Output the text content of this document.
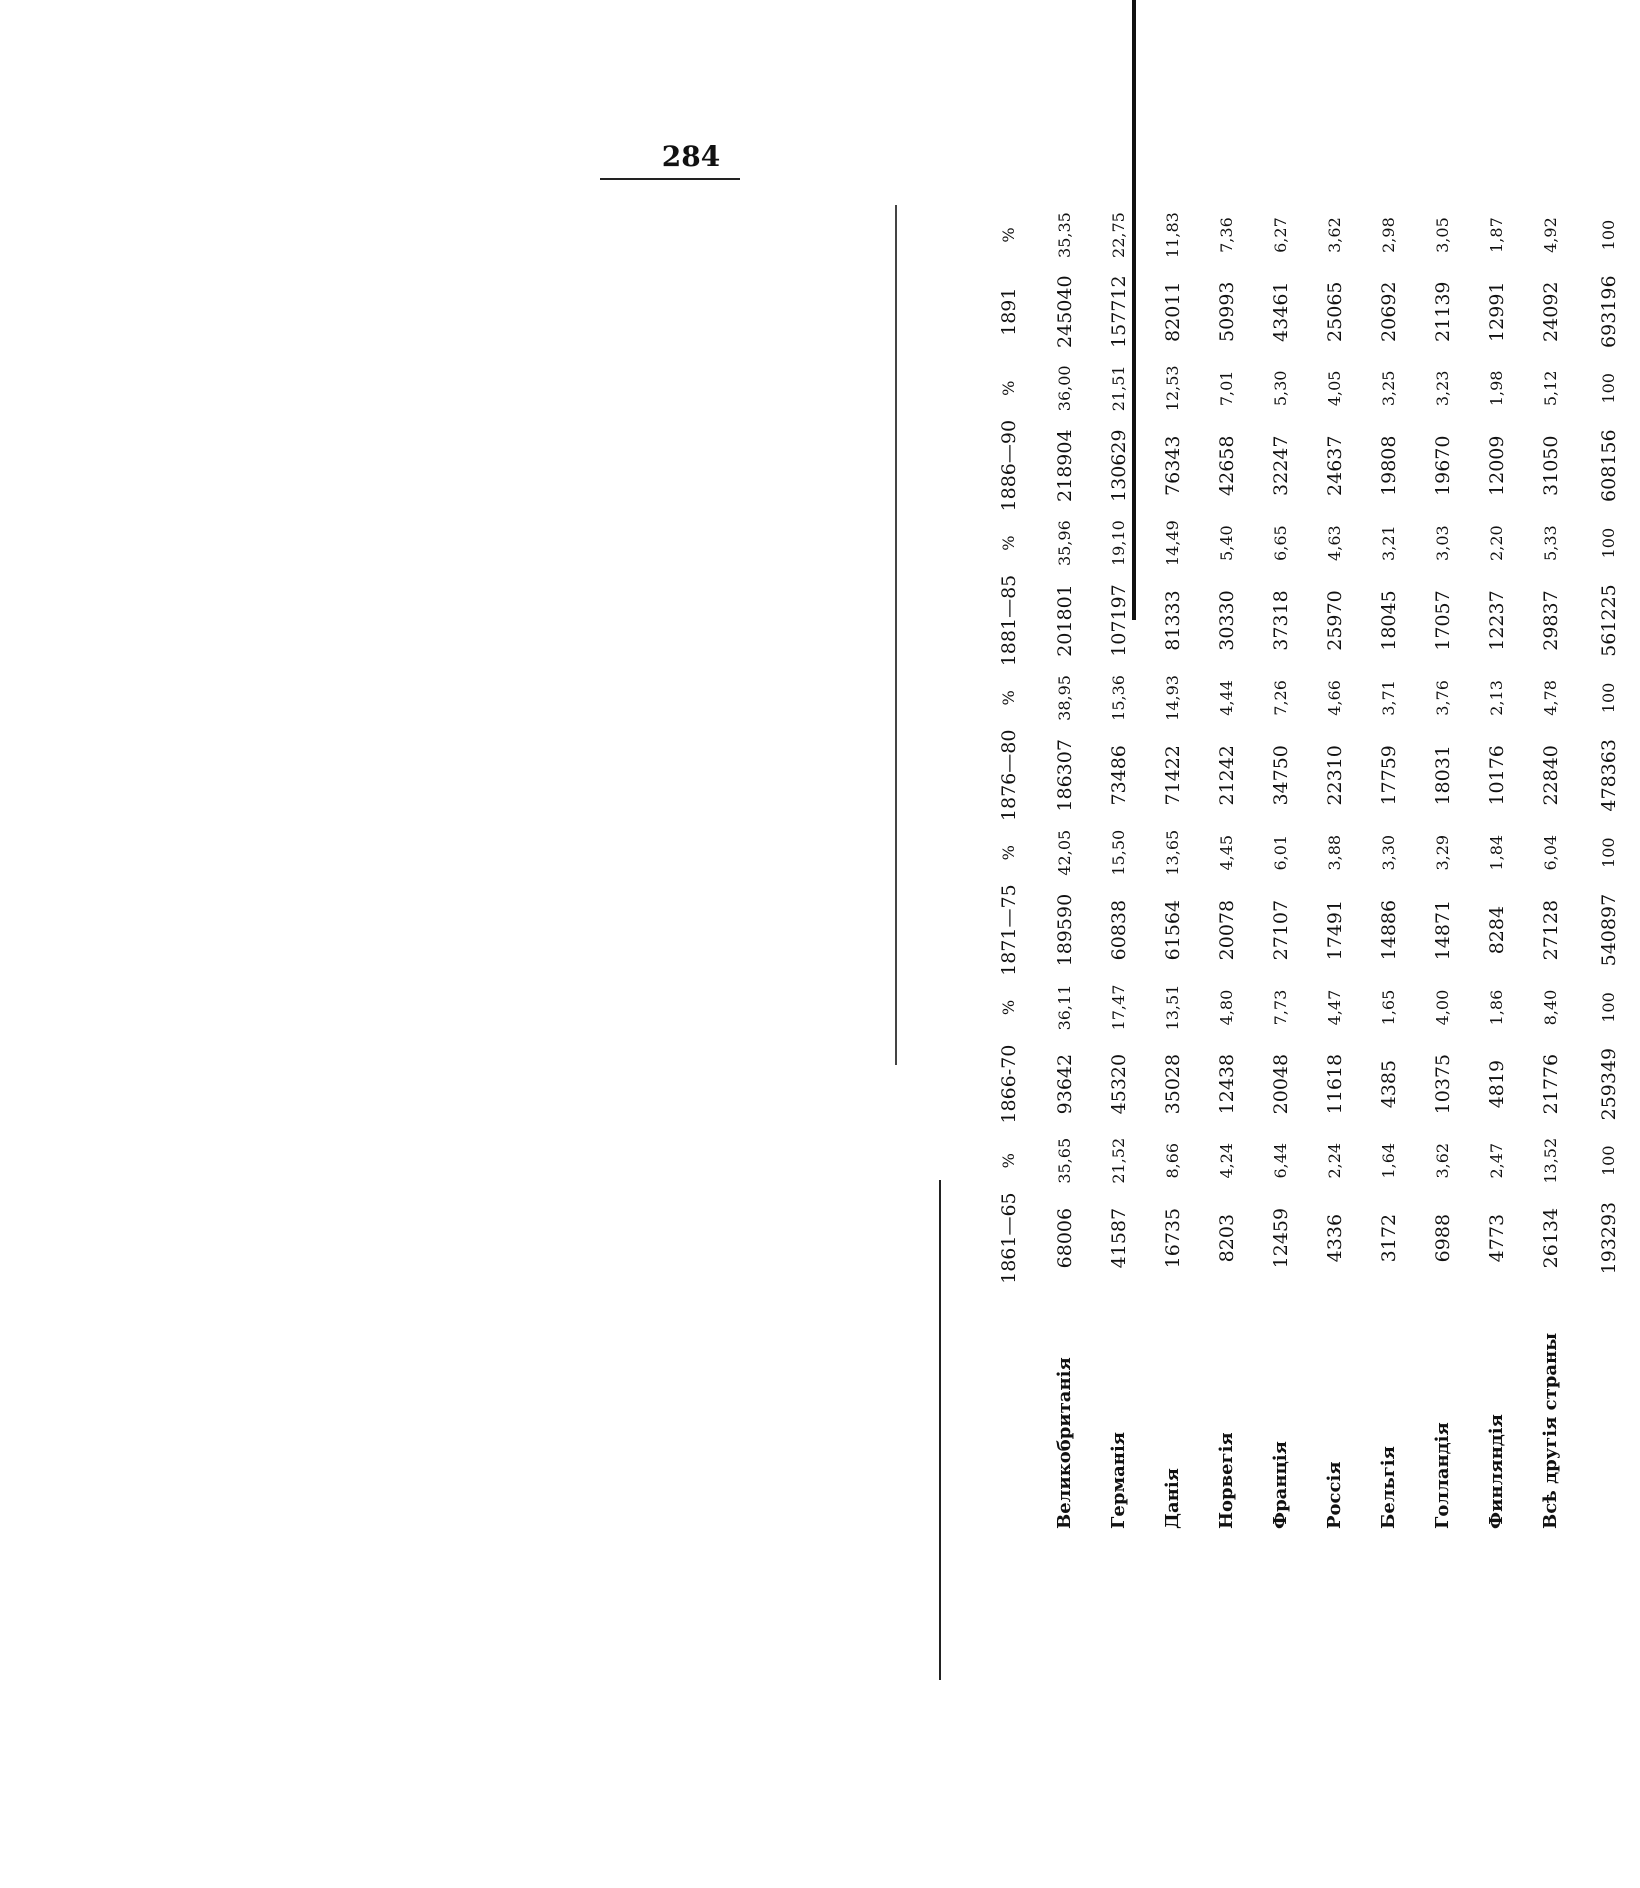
284
	1861—65	%	1866-70	%	1871—75	%	1876—80	%	1881—85	%	1886—90	%	1891	%
Великобританія	68006	35,65	93642	36,11	189590	42,05	186307	38,95	201801	35,96	218904	36,00	245040	35,35
Германія	41587	21,52	45320	17,47	60838	15,50	73486	15,36	107197	19,10	130629	21,51	157712	22,75
Данія	16735	8,66	35028	13,51	61564	13,65	71422	14,93	81333	14,49	76343	12,53	82011	11,83
Норвегія	8203	4,24	12438	4,80	20078	4,45	21242	4,44	30330	5,40	42658	7,01	50993	7,36
Франція	12459	6,44	20048	7,73	27107	6,01	34750	7,26	37318	6,65	32247	5,30	43461	6,27
Россія	4336	2,24	11618	4,47	17491	3,88	22310	4,66	25970	4,63	24637	4,05	25065	3,62
Бельгія	3172	1,64	4385	1,65	14886	3,30	17759	3,71	18045	3,21	19808	3,25	20692	2,98
Голландія	6988	3,62	10375	4,00	14871	3,29	18031	3,76	17057	3,03	19670	3,23	21139	3,05
Финляндія	4773	2,47	4819	1,86	8284	1,84	10176	2,13	12237	2,20	12009	1,98	12991	1,87
Всѣ другія страны	26134	13,52	21776	8,40	27128	6,04	22840	4,78	29837	5,33	31050	5,12	24092	4,92
	193293	100	259349	100	540897	100	478363	100	561225	100	608156	100	693196	100
